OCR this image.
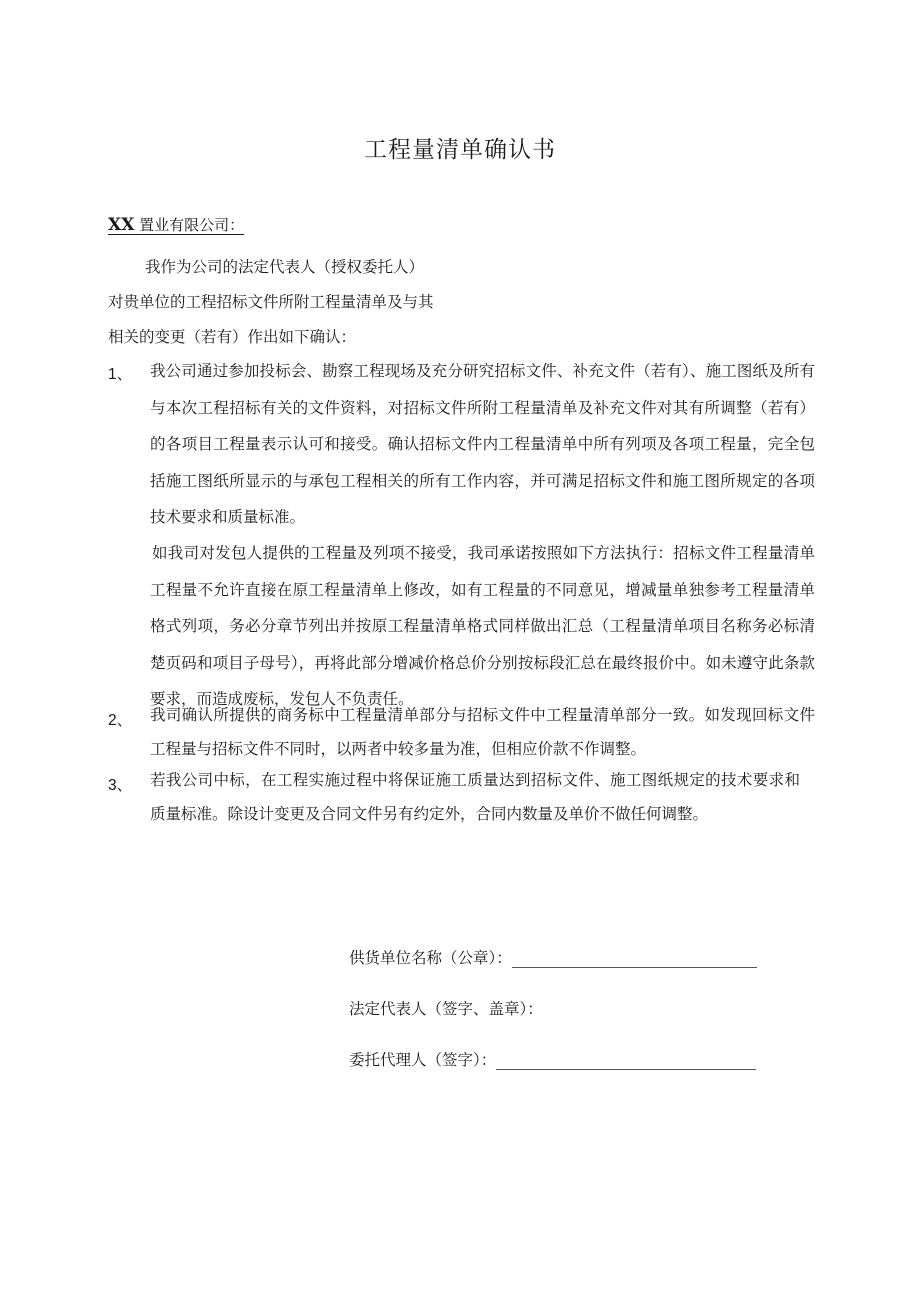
工程量清单确认书
XX 置业有限公司：
我作为公司的法定代表人（授权委托人）
对贵单位的工程招标文件所附工程量清单及与其
相关的变更（若有）作出如下确认：
1、 我公司通过参加投标会、勘察工程现场及充分研究招标文件、补充文件（若有）、施工图纸及所有与本次工程招标有关的文件资料，对招标文件所附工程量清单及补充文件对其有所调整（若有）的各项目工程量表示认可和接受。确认招标文件内工程量清单中所有列项及各项工程量，完全包括施工图纸所显示的与承包工程相关的所有工作内容，并可满足招标文件和施工图所规定的各项技术要求和质量标准。
如我司对发包人提供的工程量及列项不接受，我司承诺按照如下方法执行：招标文件工程量清单工程量不允许直接在原工程量清单上修改，如有工程量的不同意见，增减量单独参考工程量清单格式列项，务必分章节列出并按原工程量清单格式同样做出汇总（工程量清单项目名称务必标清楚页码和项目子母号），再将此部分增减价格总价分别按标段汇总在最终报价中。如未遵守此条款要求，而造成废标，发包人不负责任。
2、 我司确认所提供的商务标中工程量清单部分与招标文件中工程量清单部分一致。如发现回标文件工程量与招标文件不同时，以两者中较多量为准，但相应价款不作调整。
3、 若我公司中标，在工程实施过程中将保证施工质量达到招标文件、施工图纸规定的技术要求和质量标准。除设计变更及合同文件另有约定外，合同内数量及单价不做任何调整。
供货单位名称（公章）：
法定代表人（签字、盖章）：
委托代理人（签字）：
